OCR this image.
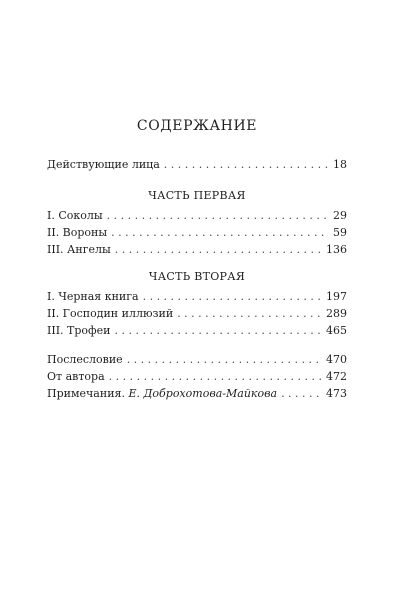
СОДЕРЖАНИЕ
Действующие лица . . .	18
ЧАСТЬ ПЕРВАЯ
I. Соколы . . .	29
II. Вороны . . .	59
III. Ангелы . . .	136
ЧАСТЬ ВТОРАЯ
I. Черная книга . . .	197
II. Господин иллюзий . . .	289
III. Трофеи . . .	465
Послесловие . . .	470
От автора . . .	472
Примечания. Е. Доброхотова-Майкова . . .	473
